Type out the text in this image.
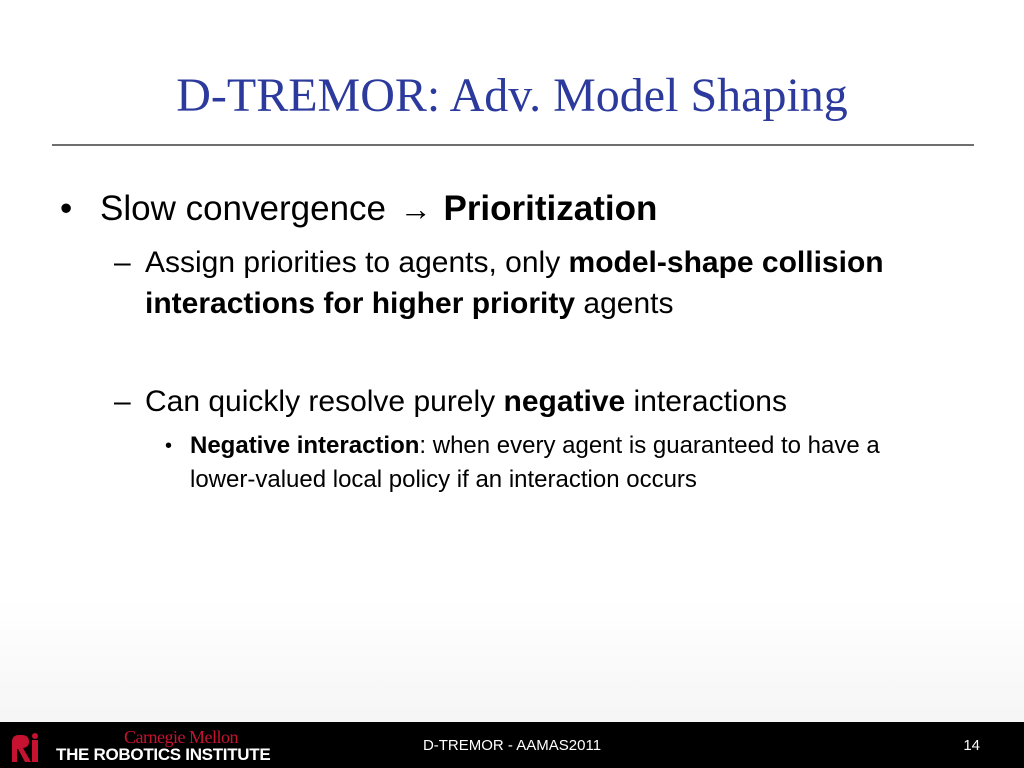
D-TREMOR: Adv. Model Shaping
• Slow convergence → Prioritization
– Assign priorities to agents, only model-shape collision interactions for higher priority agents
– Can quickly resolve purely negative interactions
• Negative interaction: when every agent is guaranteed to have a lower-valued local policy if an interaction occurs
Carnegie Mellon
THE ROBOTICS INSTITUTE	D-TREMOR - AAMAS2011	14
